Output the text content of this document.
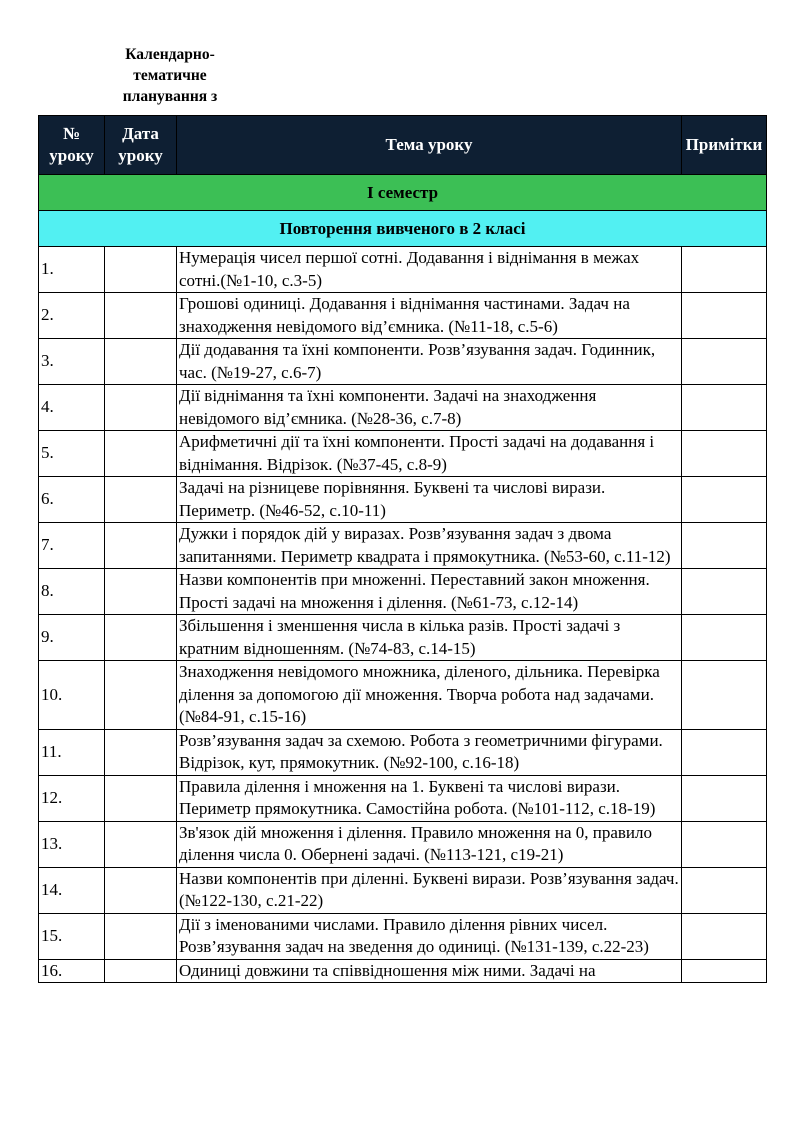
Календарно-тематичне планування з
№ уроку	Дата уроку	Тема уроку	Примітки
І семестр			
Повторення вивченого в 2 класі			
1.		Нумерація чисел першої сотні. Додавання і віднімання в межах сотні.(№1-10, с.3-5)	
2.		Грошові одиниці. Додавання і віднімання частинами. Задач на знаходження невідомого від’ємника. (№11-18, с.5-6)	
3.		Дії додавання та їхні компоненти. Розв’язування задач. Годинник, час. (№19-27, с.6-7)	
4.		Дії віднімання та їхні компоненти. Задачі на знаходження невідомого від’ємника. (№28-36, с.7-8)	
5.		Арифметичні дії та їхні компоненти. Прості задачі на додавання і віднімання. Відрізок. (№37-45, с.8-9)	
6.		Задачі на різницеве порівняння. Буквені та числові вирази. Периметр. (№46-52, с.10-11)	
7.		Дужки і порядок дій у виразах. Розв’язування задач з двома запитаннями. Периметр квадрата і прямокутника. (№53-60, с.11-12)	
8.		Назви компонентів при множенні. Переставний закон множення. Прості задачі на множення і ділення. (№61-73, с.12-14)	
9.		Збільшення і зменшення числа в кілька разів. Прості задачі з кратним відношенням. (№74-83, с.14-15)	
10.		Знаходження невідомого множника, діленого, дільника. Перевірка ділення за допомогою дії множення. Творча робота над задачами. (№84-91, с.15-16)	
11.		Розв’язування задач за схемою. Робота з геометричними фігурами. Відрізок, кут, прямокутник. (№92-100, с.16-18)	
12.		Правила ділення і множення на 1. Буквені та числові вирази. Периметр прямокутника. Самостійна робота. (№101-112, с.18-19)	
13.		Зв'язок дій множення і ділення. Правило множення на 0, правило ділення числа 0. Обернені задачі. (№113-121, с19-21)	
14.		Назви компонентів при діленні. Буквені вирази. Розв’язування задач. (№122-130, с.21-22)	
15.		Дії з іменованими числами. Правило ділення рівних чисел. Розв’язування задач на зведення до одиниці. (№131-139, с.22-23)	
16.		Одиниці довжини та співвідношення між ними. Задачі на	
